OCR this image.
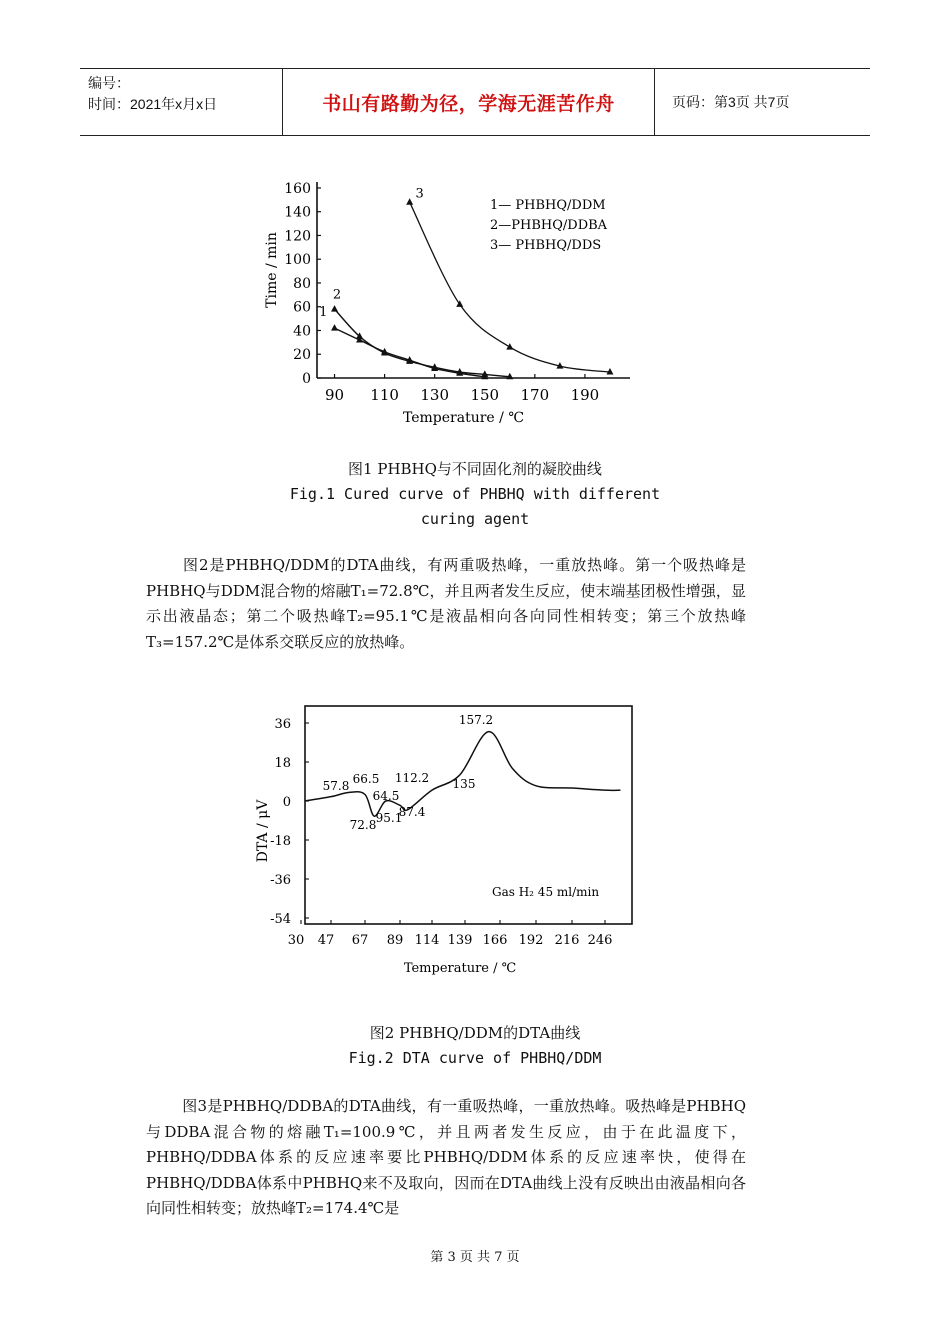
编号：
时间：2021年x月x日	书山有路勤为径，学海无涯苦作舟	页码：第3页 共7页
90 110 130 150 170 190
0
20
40
60
80
100
120
140
160
Temperature / ℃
Time / min
1
2
3
1— PHBHQ/DDM
2—PHBHQ/DDBA
3— PHBHQ/DDS
图1 PHBHQ与不同固化剂的凝胶曲线
Fig.1 Cured curve of PHBHQ with different
curing agent
图2是PHBHQ/DDM的DTA曲线，有两重吸热峰，一重放热峰。第一个吸热峰是PHBHQ与DDM混合物的熔融T₁=72.8℃，并且两者发生反应，使末端基团极性增强，显示出液晶态；第二个吸热峰T₂=95.1℃是液晶相向各向同性相转变；第三个放热峰T₃=157.2℃是体系交联反应的放热峰。
30 47 67 89 114 139 166 192 216 246
36
18
0
-18
-36
-54
Temperature / ℃
DTA / μV
Gas H₂ 45 ml/min
57.8 66.5
64.5
72.8 95.1
87.4
112.2 135
157.2
图2 PHBHQ/DDM的DTA曲线
Fig.2 DTA curve of PHBHQ/DDM
图3是PHBHQ/DDBA的DTA曲线，有一重吸热峰，一重放热峰。吸热峰是PHBHQ与DDBA混合物的熔融T₁=100.9℃，并且两者发生反应，由于在此温度下，PHBHQ/DDBA体系的反应速率要比PHBHQ/DDM体系的反应速率快，使得在PHBHQ/DDBA体系中PHBHQ来不及取向，因而在DTA曲线上没有反映出由液晶相向各向同性相转变；放热峰T₂=174.4℃是
第 3 页 共 7 页
